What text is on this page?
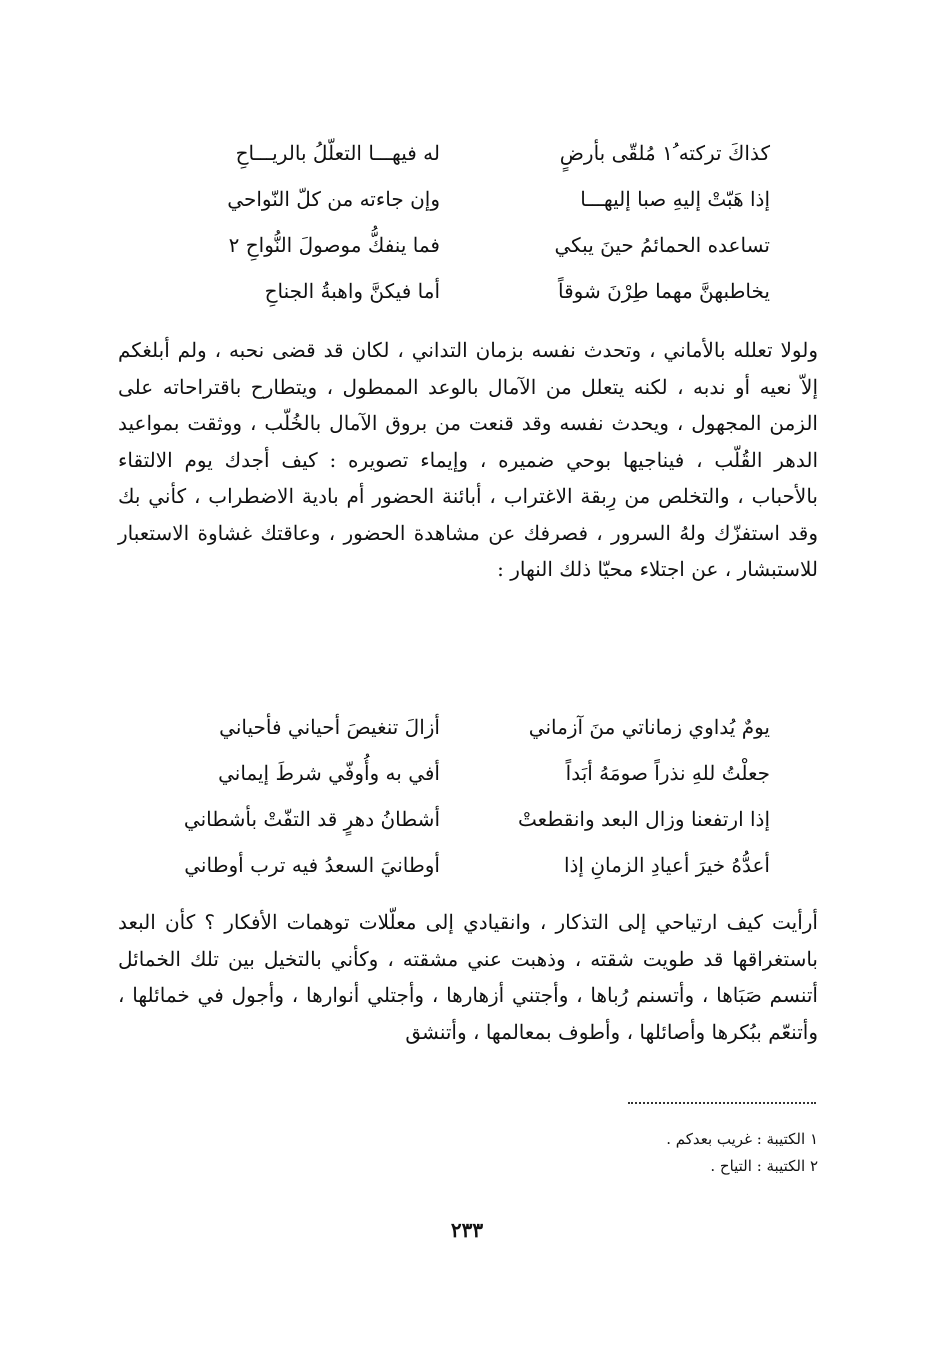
كذاكَ تركته ُ١ مُلقّى بأرضٍ
له فيهـــا التعلّلُ بالريـــاحِ
إذا هَبّتْ إليهِ صبا إليهـــا
وإن جاءته من كلّ النّواحي
تساعده الحمائمُ حينَ يبكي
فما ينفكُّ موصولَ النُّواحِ ٢
يخاطبهنَّ مهما طِرْنَ شوقاً
أما فيكنَّ واهبةُ الجناحِ

ولولا تعلله بالأماني ، وتحدث نفسه بزمان التداني ، لكان قد قضى نحبه ، ولم أبلغكم إلاّ نعيه أو ندبه ، لكنه يتعلل من الآمال بالوعد الممطول ، ويتطارح باقتراحاته على الزمن المجهول ، ويحدث نفسه وقد قنعت من بروق الآمال بالخُلّب ، ووثقت بمواعيد الدهر القُلّب ، فيناجيها بوحي ضميره ، وإيماء تصويره : كيف أجدك يوم الالتقاء بالأحباب ، والتخلص من رِبقة الاغتراب ، أبائنة الحضور أم بادية الاضطراب ، كأني بك وقد استفزّك ولهُ السرور ، فصرفك عن مشاهدة الحضور ، وعاقتك غشاوة الاستعبار للاستبشار ، عن اجتلاء محيّا ذلك النهار :

يومٌ يُداوي زماناتي منَ آزماني
أزالَ تنغيصَ أحياني فأحياني
جعلْتُ للهِ نذراً صومَهُ أبَداً
أفي به وأُوفّي شرطَ إيماني
إذا ارتفعنا وزال البعد وانقطعتْ
أشطانُ دهرٍ قد التفّتْ بأشطاني
أعدُّهُ خيرَ أعيادِ الزمانِ إذا
أوطانيَ السعدُ فيه ترب أوطاني

أرأيت كيف ارتياحي إلى التذكار ، وانقيادي إلى معلّلات توهمات الأفكار ؟ كأن البعد باستغراقها قد طويت شقته ، وذهبت عني مشقته ، وكأني بالتخيل بين تلك الخمائل أتنسم صَبَاها ، وأتسنم رُباها ، وأجتني أزهارها ، وأجتلي أنوارها ، وأجول في خمائلها ، وأتنعّم ببُكرها وأصائلها ، وأطوف بمعالمها ، وأتنشق

١ الكتيبة : غريب بعدكم .
٢ الكتيبة : التياح .
٢٣٣
